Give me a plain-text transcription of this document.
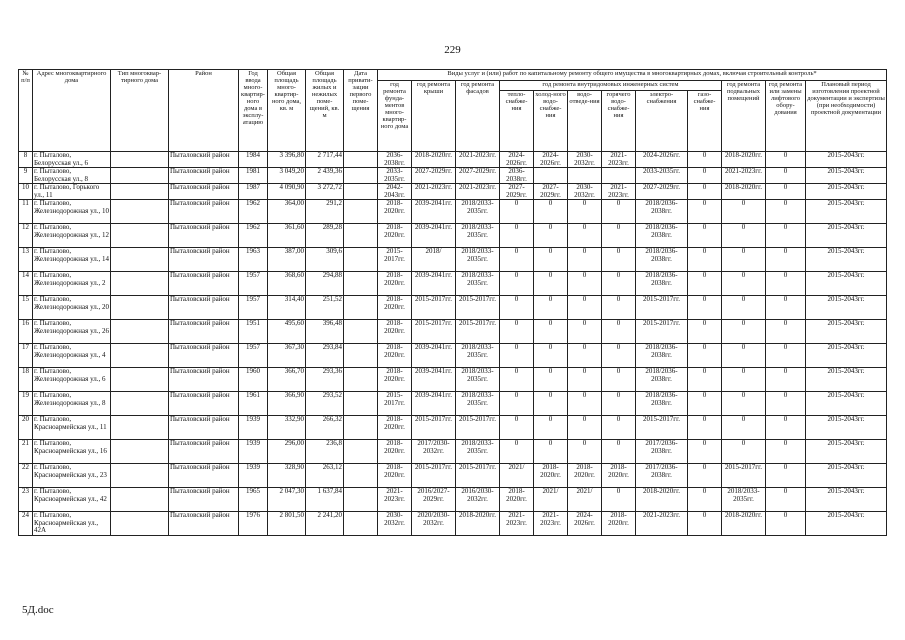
229
№ п/п	Адрес многоквартирного дома	Тип многоквар-тирного дома	Район	Год ввода много-квартир-ного дома в эксплу-атацию	Общая площадь много-квартир-ного дома, кв. м	Общая площадь жилых и нежилых поме-щений, кв. м	Дата привати-зации первого поме-щения	Виды услуг и (или) работ по капитальному ремонту общего имущества в многоквартирных домах, включая строительный контроль*											
								год ремонта фунда-ментов много-квартир-ного дома	год ремонта крыши	год ремонта фасадов	год ремонта внутридомовых инженерных систем						год ремонта подвальных помещений	год ремонта или замены лифтового обору-дования	Плановый период изготовления проектной документации и экспертизы (при необходимости) проектной документации
											тепло-снабже-ния	холод-ного водо-снабже-ния	водо-отведе-ния	горячего водо-снабже-ния	электро-снабжения	газо-снабже-ния			
8	г. Пыталово, Белорусская ул., 6		Пыталовский район	1984	3 396,80	2 717,44		2036-2038гг.	2018-2020гг.	2021-2023гг.	2024-2026гг.	2024-2026гг.	2030-2032гг.	2021-2023гг.	2024-2026гг.	0	2018-2020гг.	0	2015-2043гг.
9	г. Пыталово, Белорусская ул., 8		Пыталовский район	1981	3 049,20	2 439,36		2033-2035гг.	2027-2029гг.	2027-2029гг.	2036-2038гг.				2033-2035гг.	0	2021-2023гг.	0	2015-2043гг.
10	г. Пыталово, Горького ул., 11		Пыталовский район	1987	4 090,90	3 272,72		2042-2043гг.	2021-2023гг.	2021-2023гг.	2027-2029гг.	2027-2029гг.	2030-2032гг.	2021-2023гг.	2027-2029гг.	0	2018-2020гг.	0	2015-2043гг.
11	г. Пыталово, Железнодорожная ул., 10		Пыталовский район	1962	364,00	291,2		2018-2020гг.	2039-2041гг.	2018/2033-2035гг.	0	0	0	0	2018/2036-2038гг.	0	0	0	2015-2043гг.
12	г. Пыталово, Железнодорожная ул., 12		Пыталовский район	1962	361,60	289,28		2018-2020гг.	2039-2041гг.	2018/2033-2035гг.	0	0	0	0	2018/2036-2038гг.	0	0	0	2015-2043гг.
13	г. Пыталово, Железнодорожная ул., 14		Пыталовский район	1963	387,00	309,6		2015-2017гг.	2018/	2018/2033-2035гг.	0	0	0	0	2018/2036-2038гг.	0	0	0	2015-2043гг.
14	г. Пыталово, Железнодорожная ул., 2		Пыталовский район	1957	368,60	294,88		2018-2020гг.	2039-2041гг.	2018/2033-2035гг.	0	0	0	0	2018/2036-2038гг.	0	0	0	2015-2043гг.
15	г. Пыталово, Железнодорожная ул., 20		Пыталовский район	1957	314,40	251,52		2018-2020гг.	2015-2017гг.	2015-2017гг.	0	0	0	0	2015-2017гг.	0	0	0	2015-2043гг.
16	г. Пыталово, Железнодорожная ул., 26		Пыталовский район	1951	495,60	396,48		2018-2020гг.	2015-2017гг.	2015-2017гг.	0	0	0	0	2015-2017гг.	0	0	0	2015-2043гг.
17	г. Пыталово, Железнодорожная ул., 4		Пыталовский район	1957	367,30	293,84		2018-2020гг.	2039-2041гг.	2018/2033-2035гг.	0	0	0	0	2018/2036-2038гг.	0	0	0	2015-2043гг.
18	г. Пыталово, Железнодорожная ул., 6		Пыталовский район	1960	366,70	293,36		2018-2020гг.	2039-2041гг.	2018/2033-2035гг.	0	0	0	0	2018/2036-2038гг.	0	0	0	2015-2043гг.
19	г. Пыталово, Железнодорожная ул., 8		Пыталовский район	1961	366,90	293,52		2015-2017гг.	2039-2041гг.	2018/2033-2035гг.	0	0	0	0	2018/2036-2038гг.	0	0	0	2015-2043гг.
20	г. Пыталово, Красноармейская ул., 11		Пыталовский район	1939	332,90	266,32		2018-2020гг.	2015-2017гг.	2015-2017гг.	0	0	0	0	2015-2017гг.	0	0	0	2015-2043гг.
21	г. Пыталово, Красноармейская ул., 16		Пыталовский район	1939	296,00	236,8		2018-2020гг.	2017/2030-2032гг.	2018/2033-2035гг.	0	0	0	0	2017/2036-2038гг.	0	0	0	2015-2043гг.
22	г. Пыталово, Красноармейская ул., 23		Пыталовский район	1939	328,90	263,12		2018-2020гг.	2015-2017гг.	2015-2017гг.	2021/	2018-2020гг.	2018-2020гг.	2018-2020гг.	2017/2036-2038гг.	0	2015-2017гг.	0	2015-2043гг.
23	г. Пыталово, Красноармейская ул., 42		Пыталовский район	1965	2 047,30	1 637,84		2021-2023гг.	2016/2027-2029гг.	2016/2030-2032гг.	2018-2020гг.	2021/	2021/	0	2018-2020гг.	0	2018/2033-2035гг.	0	2015-2043гг.
24	г. Пыталово, Красноармейская ул., 42А		Пыталовский район	1976	2 801,50	2 241,20		2030-2032гг.	2020/2030-2032гг.	2018-2020гг.	2021-2023гг.	2021-2023гг.	2024-2026гг.	2018-2020гг.	2021-2023гг.	0	2018-2020гг.	0	2015-2043гг.
5Д.doc
